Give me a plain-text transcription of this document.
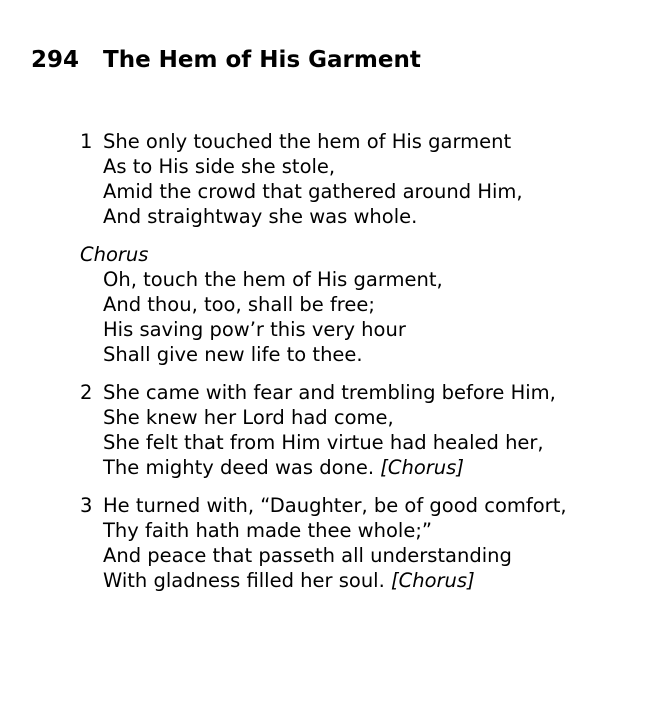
294 The Hem of His Garment
1 She only touched the hem of His garment
As to His side she stole,
Amid the crowd that gathered around Him,
And straightway she was whole.
Chorus
Oh, touch the hem of His garment,
And thou, too, shall be free;
His saving pow’r this very hour
Shall give new life to thee.
2 She came with fear and trembling before Him,
She knew her Lord had come,
She felt that from Him virtue had healed her,
The mighty deed was done. [Chorus]
3 He turned with, “Daughter, be of good comfort,
Thy faith hath made thee whole;”
And peace that passeth all understanding
With gladness filled her soul. [Chorus]
